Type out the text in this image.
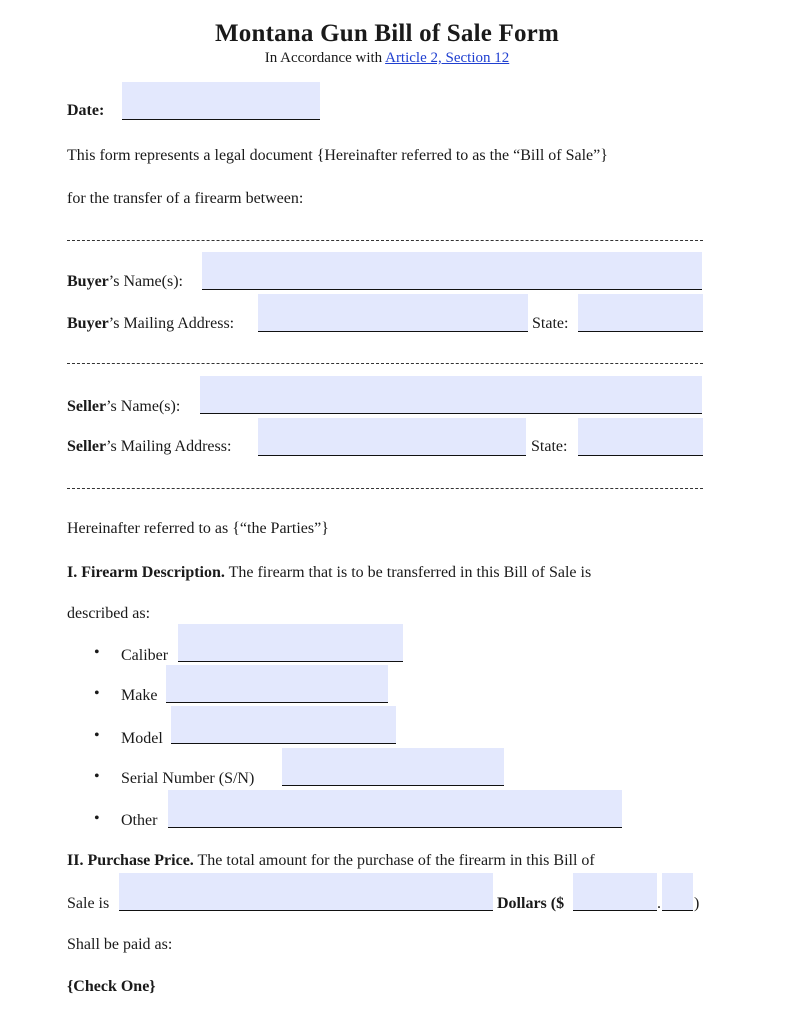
Montana Gun Bill of Sale Form
In Accordance with Article 2, Section 12
Date:
This form represents a legal document {Hereinafter referred to as the “Bill of Sale”}
for the transfer of a firearm between:
Buyer’s Name(s):
Buyer’s Mailing Address:	State:
Seller’s Name(s):
Seller’s Mailing Address:	State:
Hereinafter referred to as {“the Parties”}
I. Firearm Description. The firearm that is to be transferred in this Bill of Sale is
described as:
• Caliber
• Make
• Model
• Serial Number (S/N)
• Other
II. Purchase Price. The total amount for the purchase of the firearm in this Bill of
Sale is	Dollars ($	. )
Shall be paid as:
{Check One}
